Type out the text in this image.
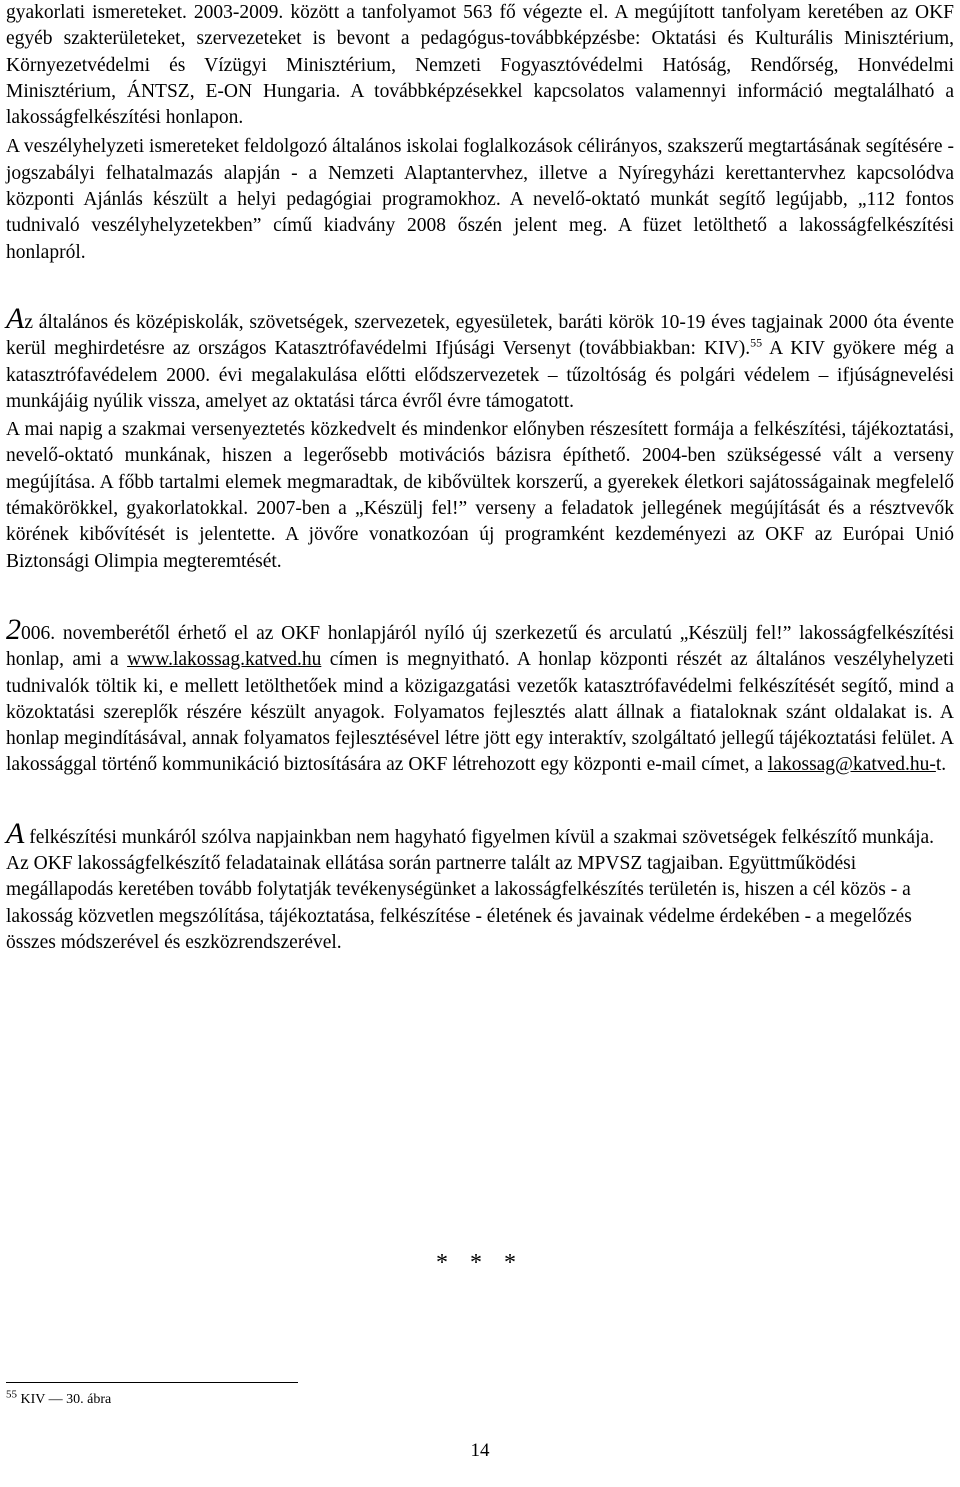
gyakorlati ismereteket. 2003-2009. között a tanfolyamot 563 fő végezte el. A megújított tanfolyam keretében az OKF egyéb szakterületeket, szervezeteket is bevont a pedagógus-továbbképzésbe: Oktatási és Kulturális Minisztérium, Környezetvédelmi és Vízügyi Minisztérium, Nemzeti Fogyasztóvédelmi Hatóság, Rendőrség, Honvédelmi Minisztérium, ÁNTSZ, E-ON Hungaria. A továbbképzésekkel kapcsolatos valamennyi információ megtalálható a lakosságfelkészítési honlapon.

A veszélyhelyzeti ismereteket feldolgozó általános iskolai foglalkozások célirányos, szakszerű megtartásának segítésére - jogszabályi felhatalmazás alapján - a Nemzeti Alaptantervhez, illetve a Nyíregyházi kerettantervhez kapcsolódva központi Ajánlás készült a helyi pedagógiai programokhoz. A nevelő-oktató munkát segítő legújabb, „112 fontos tudnivaló veszélyhelyzetekben” című kiadvány 2008 őszén jelent meg. A füzet letölthető a lakosságfelkészítési honlapról.

Az általános és középiskolák, szövetségek, szervezetek, egyesületek, baráti körök 10-19 éves tagjainak 2000 óta évente kerül meghirdetésre az országos Katasztrófavédelmi Ifjúsági Versenyt (továbbiakban: KIV).$^{55}$ A KIV gyökere még a katasztrófavédelem 2000. évi megalakulása előtti elődszervezetek – tűzoltóság és polgári védelem – ifjúságnevelési munkájáig nyúlik vissza, amelyet az oktatási tárca évről évre támogatott.

A mai napig a szakmai versenyeztetés közkedvelt és mindenkor előnyben részesített formája a felkészítési, tájékoztatási, nevelő-oktató munkának, hiszen a legerősebb motivációs bázisra építhető. 2004-ben szükségessé vált a verseny megújítása. A főbb tartalmi elemek megmaradtak, de kibővültek korszerű, a gyerekek életkori sajátosságainak megfelelő témakörökkel, gyakorlatokkal. 2007-ben a „Készülj fel!” verseny a feladatok jellegének megújítását és a résztvevők körének kibővítését is jelentette. A jövőre vonatkozóan új programként kezdeményezi az OKF az Európai Unió Biztonsági Olimpia megteremtését.

2006. novemberétől érhető el az OKF honlapjáról nyíló új szerkezetű és arculatú „Készülj fel!” lakosságfelkészítési honlap, ami a www.lakossag.katved.hu címen is megnyitható. A honlap központi részét az általános veszélyhelyzeti tudnivalók töltik ki, e mellett letölthetőek mind a közigazgatási vezetők katasztrófavédelmi felkészítését segítő, mind a közoktatási szereplők részére készült anyagok. Folyamatos fejlesztés alatt állnak a fiataloknak szánt oldalakat is. A honlap megindításával, annak folyamatos fejlesztésével létre jött egy interaktív, szolgáltató jellegű tájékoztatási felület. A lakossággal történő kommunikáció biztosítására az OKF létrehozott egy központi e-mail címet, a lakossag@katved.hu-t.

A felkészítési munkáról szólva napjainkban nem hagyható figyelmen kívül a szakmai szövetségek felkészítő munkája. Az OKF lakosságfelkészítő feladatainak ellátása során partnerre talált az MPVSZ tagjaiban. Együttműködési megállapodás keretében tovább folytatják tevékenységünket a lakosságfelkészítés területén is, hiszen a cél közös - a lakosság közvetlen megszólítása, tájékoztatása, felkészítése - életének és javainak védelme érdekében - a megelőzés összes módszerével és eszközrendszerével.

* * *
$^{55}$ KIV — 30. ábra
14
